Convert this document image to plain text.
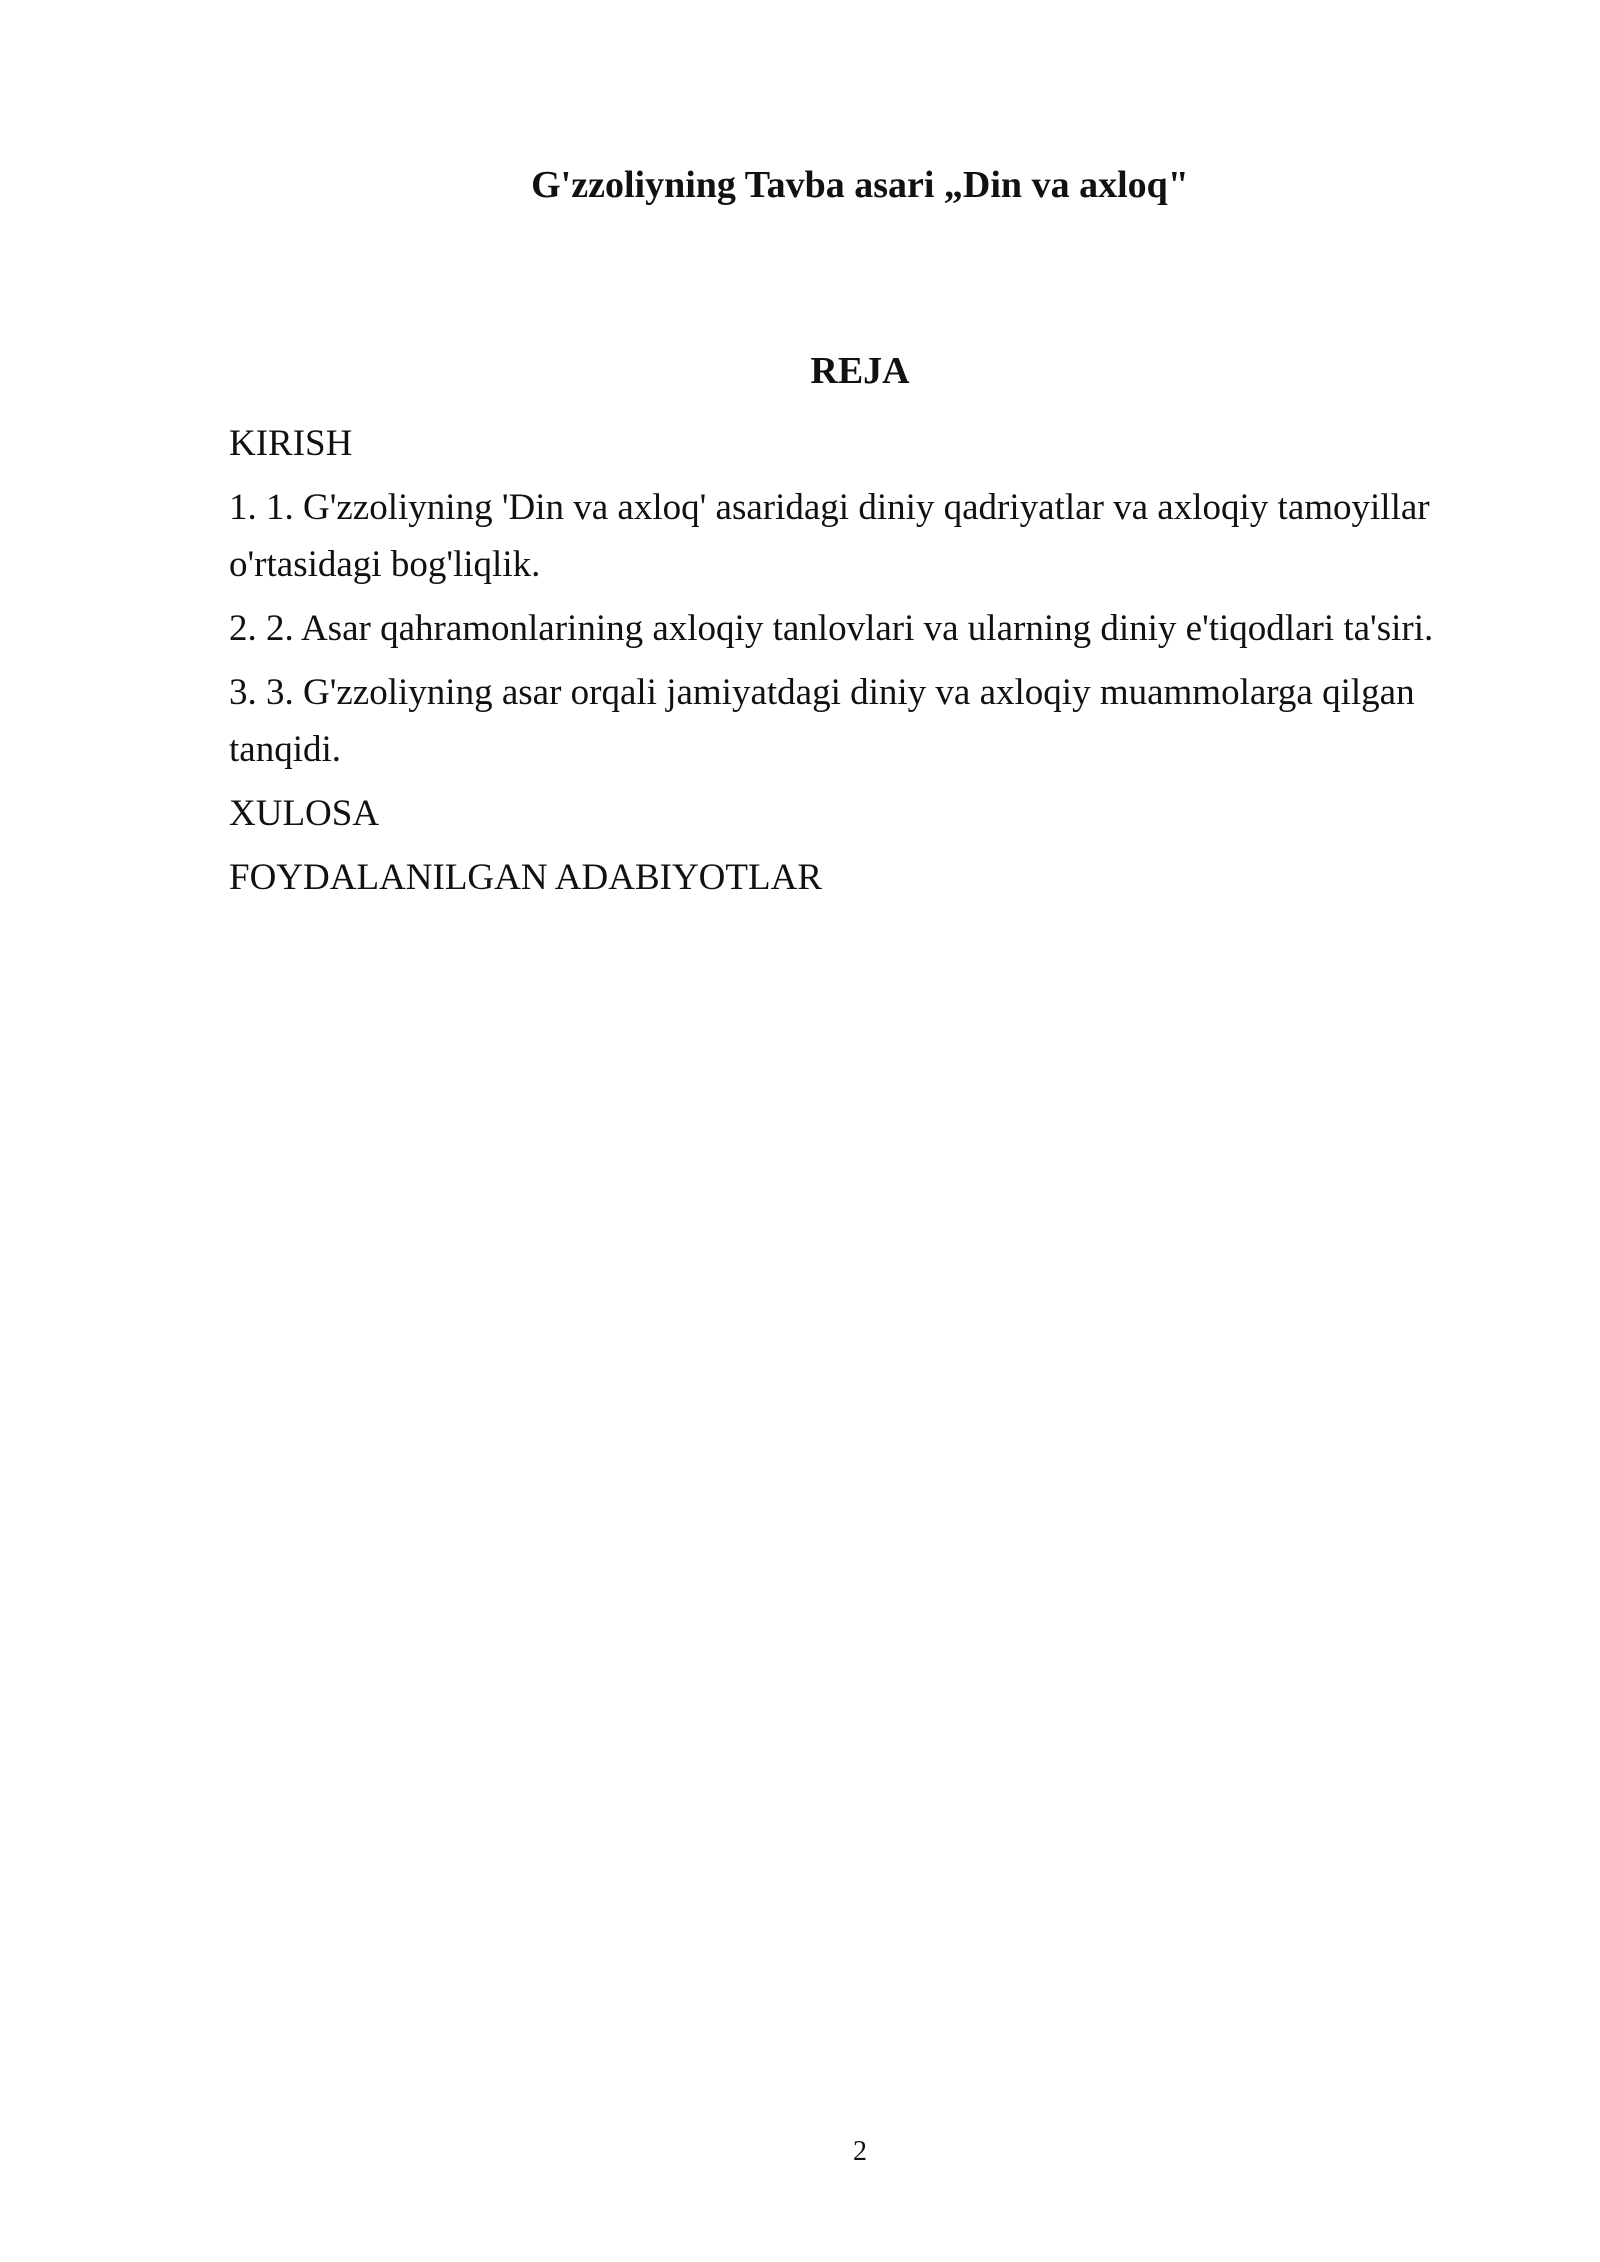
G'zzoliyning Tavba asari „Din va axloq"
REJA
KIRISH
1. 1. G'zzoliyning 'Din va axloq' asaridagi diniy qadriyatlar va axloqiy tamoyillar o'rtasidagi bog'liqlik.
2. 2. Asar qahramonlarining axloqiy tanlovlari va ularning diniy e'tiqodlari ta'siri.
3. 3. G'zzoliyning asar orqali jamiyatdagi diniy va axloqiy muammolarga qilgan tanqidi.
XULOSA
FOYDALANILGAN ADABIYOTLAR
2
